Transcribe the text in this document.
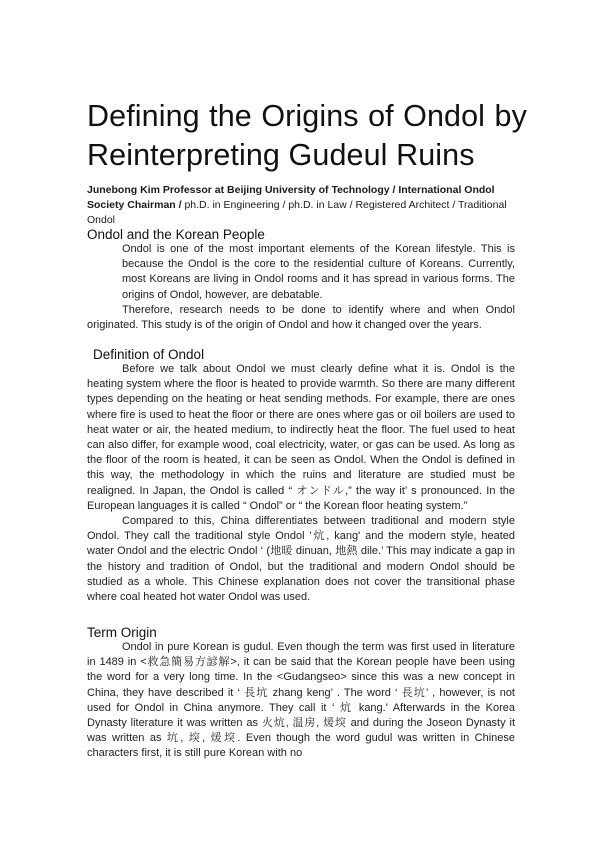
Defining the Origins of Ondol by
Reinterpreting Gudeul Ruins

Junebong Kim Professor at Beijing University of Technology / International Ondol Society Chairman / ph.D. in Engineering / ph.D. in Law / Registered Architect / Traditional Ondol

Ondol and the Korean People

Ondol is one of the most important elements of the Korean lifestyle. This is because the Ondol is the core to the residential culture of Koreans. Currently, most Koreans are living in Ondol rooms and it has spread in various forms. The origins of Ondol, however, are debatable.

Therefore, research needs to be done to identify where and when Ondol originated. This study is of the origin of Ondol and how it changed over the years.

Definition of Ondol

Before we talk about Ondol we must clearly define what it is. Ondol is the heating system where the floor is heated to provide warmth. So there are many different types depending on the heating or heat sending methods. For example, there are ones where fire is used to heat the floor or there are ones where gas or oil boilers are used to heat water or air, the heated medium, to indirectly heat the floor. The fuel used to heat can also differ, for example wood, coal electricity, water, or gas can be used. As long as the floor of the room is heated, it can be seen as Ondol. When the Ondol is defined in this way, the methodology in which the ruins and literature are studied must be realigned. In Japan, the Ondol is called “ オンドル,” the way it’ s pronounced. In the European languages it is called “ Ondol” or “ the Korean floor heating system.”

Compared to this, China differentiates between traditional and modern style Ondol. They call the traditional style Ondol '炕, kang' and the modern style, heated water Ondol and the electric Ondol ‘ (地暖 dinuan, 地熱 dile.’ This may indicate a gap in the history and tradition of Ondol, but the traditional and modern Ondol should be studied as a whole. This Chinese explanation does not cover the transitional phase where coal heated hot water Ondol was used.

Term Origin

Ondol in pure Korean is gudul. Even though the term was first used in literature in 1489 in <救急簡易方諺解>, it can be said that the Korean people have been using the word for a very long time. In the <Gudangseo> since this was a new concept in China, they have described it ‘ 長坑 zhang keng’ . The word ‘ 長坑’ , however, is not used for Ondol in China anymore. They call it ‘ 炕 kang.' Afterwards in the Korea Dynasty literature it was written as 火炕, 温房, 煖堗 and during the Joseon Dynasty it was written as 坑, 堗, 煖堗. Even though the word gudul was written in Chinese characters first, it is still pure Korean with no
